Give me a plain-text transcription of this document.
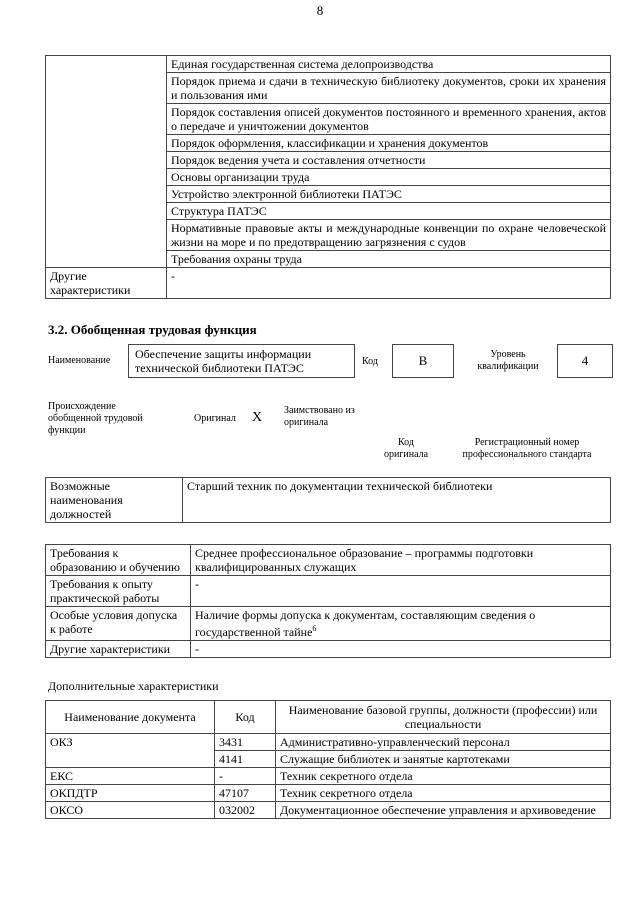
8
	Единая государственная система делопроизводства
	Порядок приема и сдачи в техническую библиотеку документов, сроки их хранения и пользования ими
	Порядок составления описей документов постоянного и временного хранения, актов о передаче и уничтожении документов
	Порядок оформления, классификации и хранения документов
	Порядок ведения учета и составления отчетности
	Основы организации труда
	Устройство электронной библиотеки ПАТЭС
	Структура ПАТЭС
	Нормативные правовые акты и международные конвенции по охране человеческой жизни на море и по предотвращению загрязнения с судов
	Требования охраны труда
Другие характеристики	-
3.2. Обобщенная трудовая функция
Наименование	Обеспечение защиты информации технической библиотеки ПАТЭС	Код	B	Уровень квалификации	4
Происхождение обобщенной трудовой функции
Оригинал X Заимствовано из оригинала
Код оригинала
Регистрационный номер профессионального стандарта
Возможные наименования должностей	Старший техник по документации технической библиотеки
Требования к образованию и обучению	Среднее профессиональное образование – программы подготовки квалифицированных служащих
Требования к опыту практической работы	-
Особые условия допуска к работе	Наличие формы допуска к документам, составляющим сведения о государственной тайне$^6$
Другие характеристики	-
Дополнительные характеристики
Наименование документа	Код	Наименование базовой группы, должности (профессии) или специальности
ОКЗ	3431	Административно-управленческий персонал
	4141	Служащие библиотек и занятые картотеками
ЕКС	-	Техник секретного отдела
ОКПДТР	47107	Техник секретного отдела
ОКСО	032002	Документационное обеспечение управления и архивоведение
